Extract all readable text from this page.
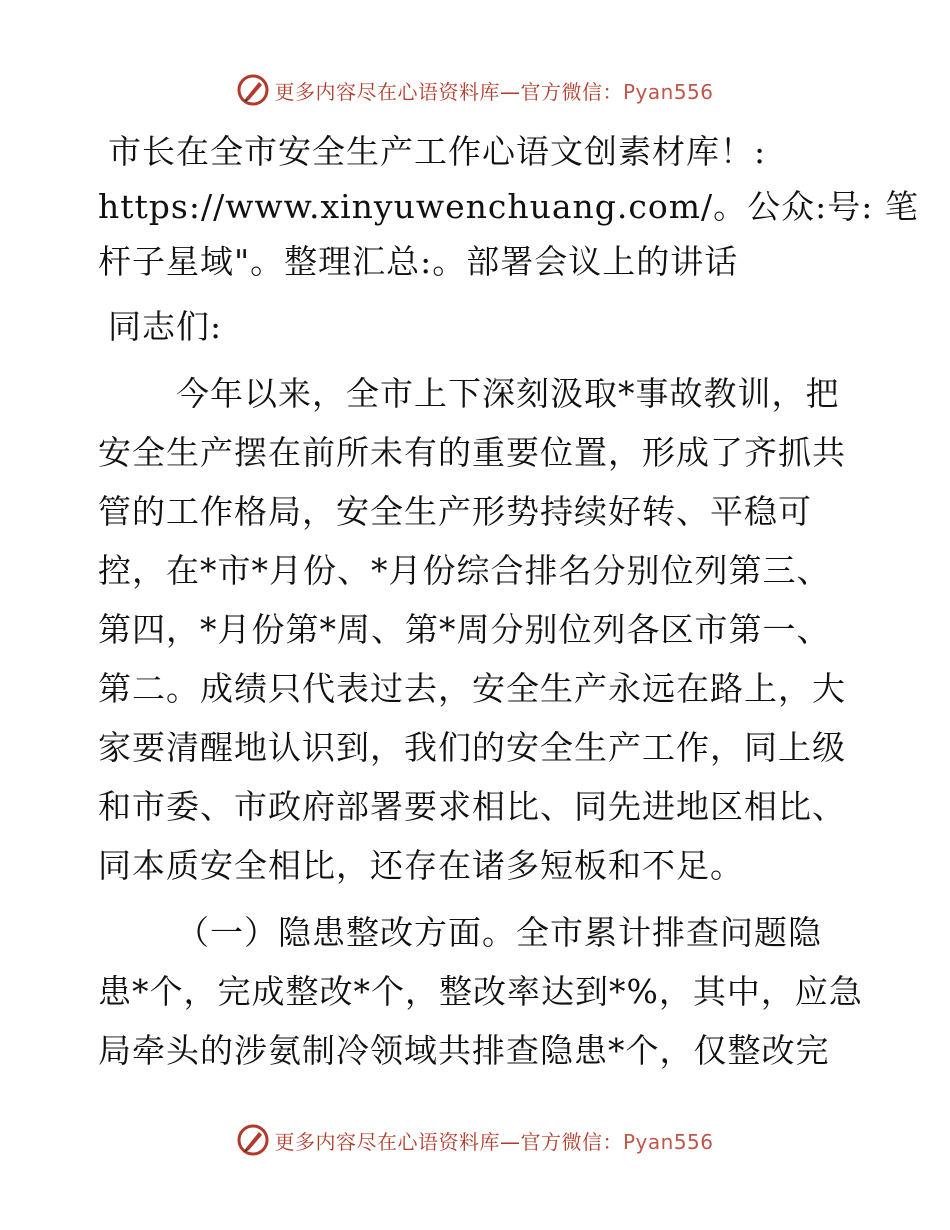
更多内容尽在心语资料库—官方微信：Pyan556
市长在全市安全生产工作心语文创素材库！:
https://www.xinyuwenchuang.com/。公众:号: 笔
杆子星域"。整理汇总:。部署会议上的讲话
同志们:
今年以来，全市上下深刻汲取*事故教训，把
安全生产摆在前所未有的重要位置，形成了齐抓共
管的工作格局，安全生产形势持续好转、平稳可
控，在*市*月份、*月份综合排名分别位列第三、
第四，*月份第*周、第*周分别位列各区市第一、
第二。成绩只代表过去，安全生产永远在路上，大
家要清醒地认识到，我们的安全生产工作，同上级
和市委、市政府部署要求相比、同先进地区相比、
同本质安全相比，还存在诸多短板和不足。
（一）隐患整改方面。全市累计排查问题隐
患*个，完成整改*个，整改率达到*%，其中，应急
局牵头的涉氨制冷领域共排查隐患*个，仅整改完
更多内容尽在心语资料库—官方微信：Pyan556
